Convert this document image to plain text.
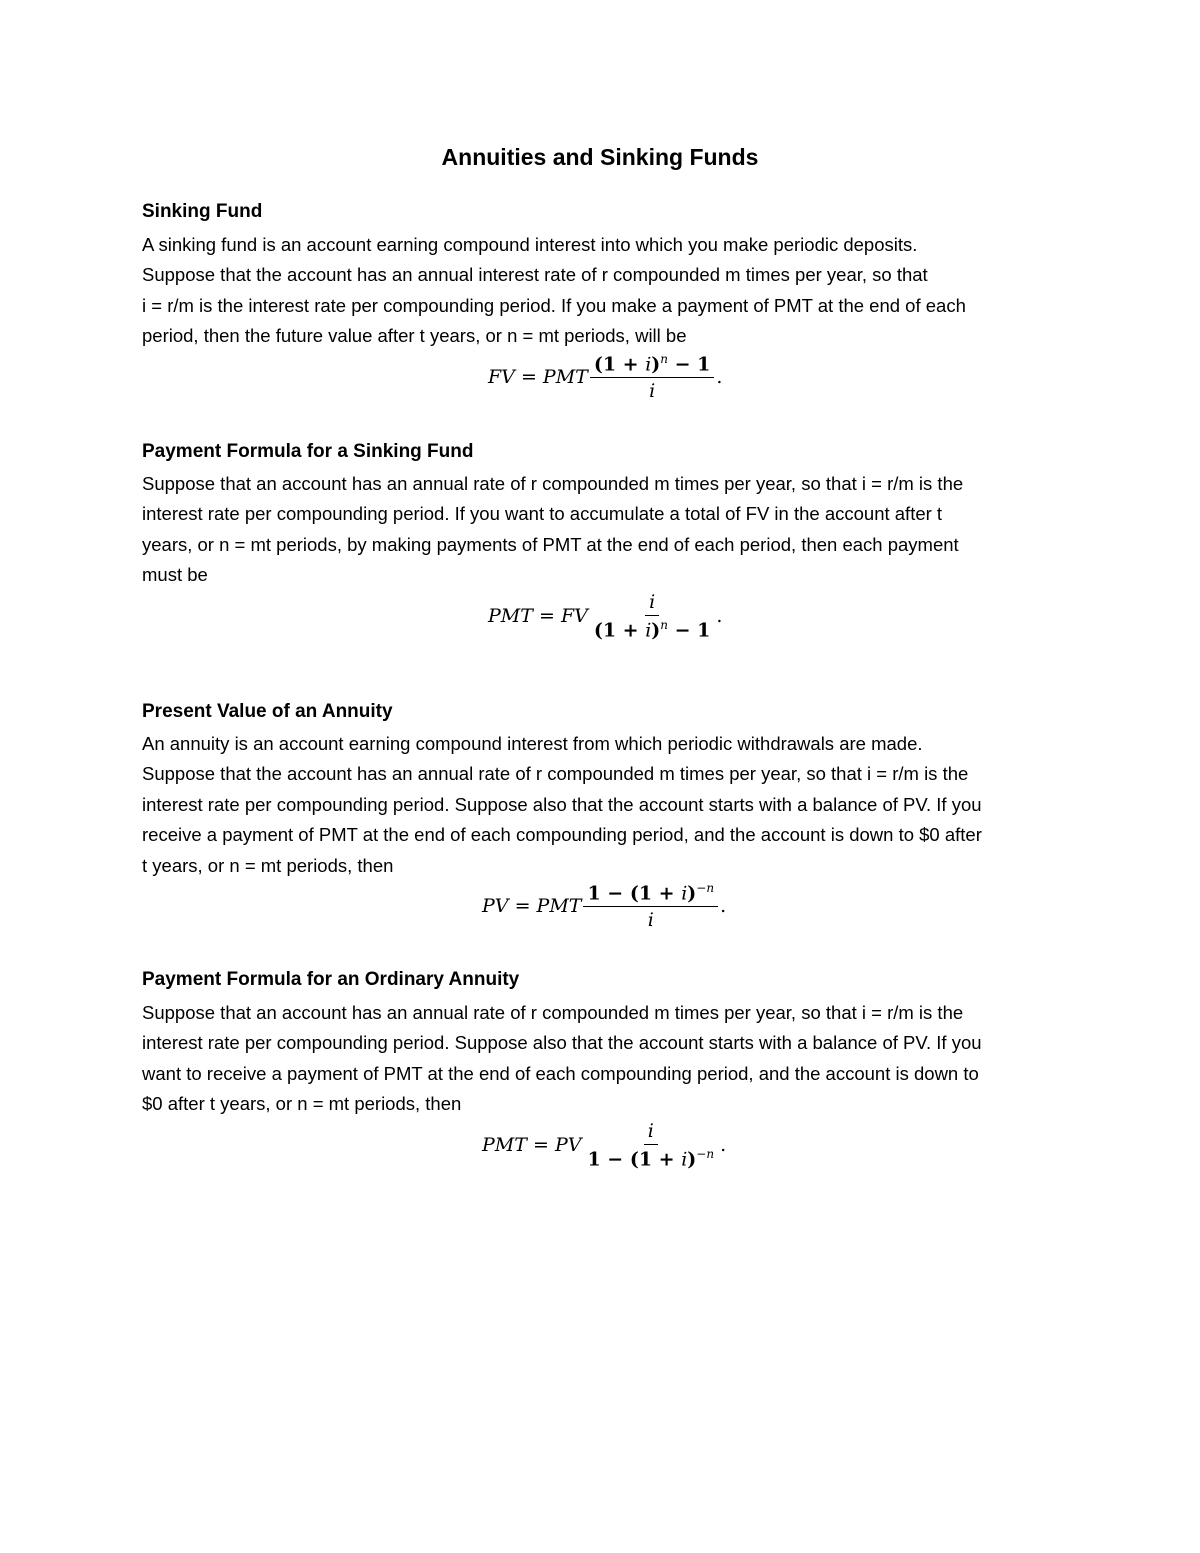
Annuities and Sinking Funds
Sinking Fund
A sinking fund is an account earning compound interest into which you make periodic deposits.
Suppose that the account has an annual interest rate of r compounded m times per year, so that
i = r/m is the interest rate per compounding period. If you make a payment of PMT at the end of each
period, then the future value after t years, or n = mt periods, will be
FV
=
PMT $\frac{(1 + i)^n - 1}{i}$ .
Payment Formula for a Sinking Fund
Suppose that an account has an annual rate of r compounded m times per year, so that i = r/m is the
interest rate per compounding period. If you want to accumulate a total of FV in the account after t
years, or n = mt periods, by making payments of PMT at the end of each period, then each payment
must be
PMT
=
FV $\frac{i}{(1 + i)^n - 1}$ .
Present Value of an Annuity
An annuity is an account earning compound interest from which periodic withdrawals are made.
Suppose that the account has an annual rate of r compounded m times per year, so that i = r/m is the
interest rate per compounding period. Suppose also that the account starts with a balance of PV. If you
receive a payment of PMT at the end of each compounding period, and the account is down to $0 after
t years, or n = mt periods, then
PV
=
PMT $\frac{1 - (1 + i)^{-n}}{i}$ .
Payment Formula for an Ordinary Annuity
Suppose that an account has an annual rate of r compounded m times per year, so that i = r/m is the
interest rate per compounding period. Suppose also that the account starts with a balance of PV. If you
want to receive a payment of PMT at the end of each compounding period, and the account is down to
$0 after t years, or n = mt periods, then
PMT
=
PV $\frac{i}{1 - (1 + i)^{-n}}$ .
